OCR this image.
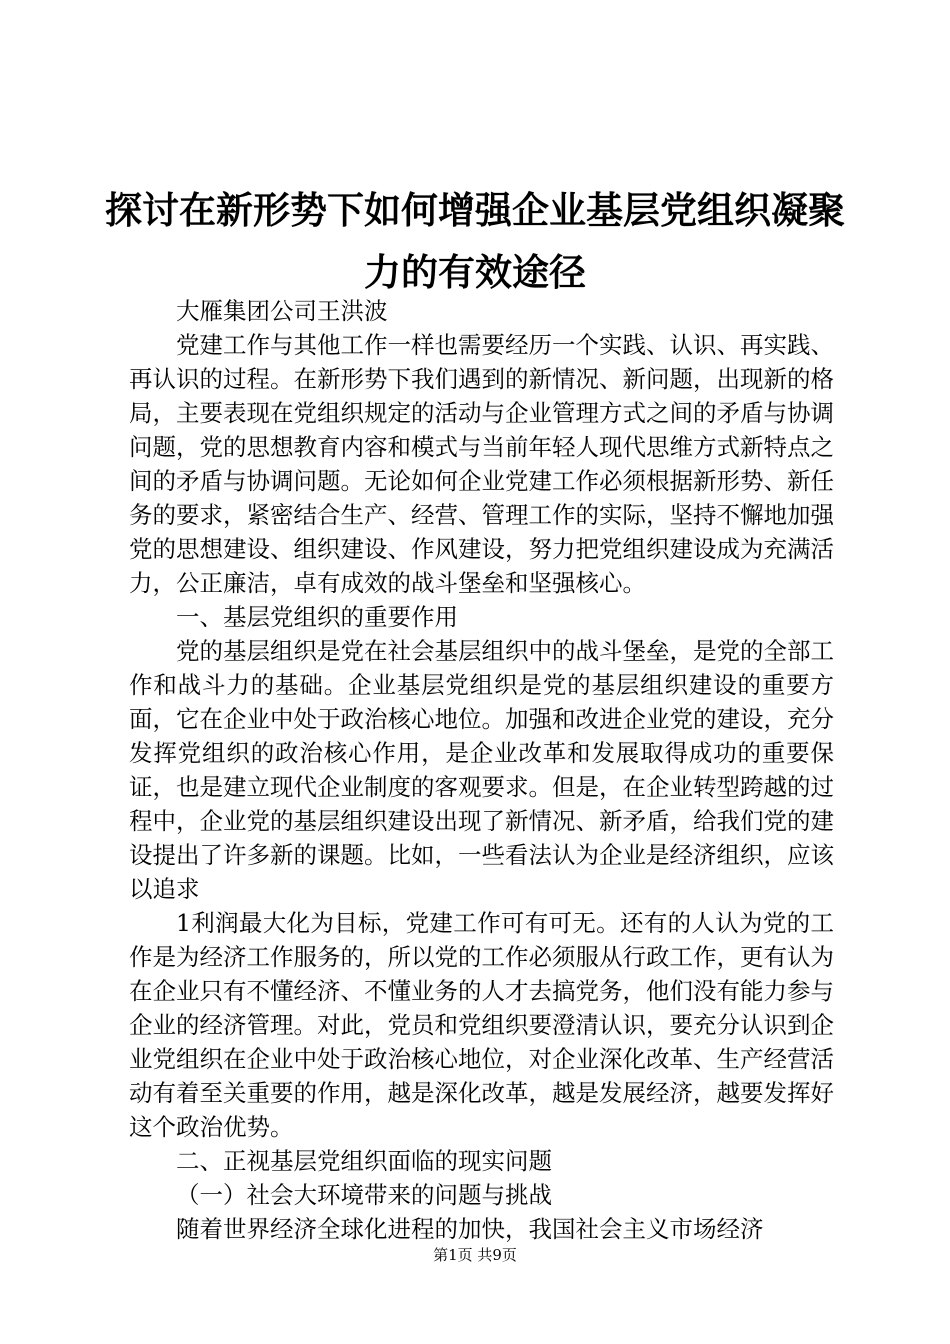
探讨在新形势下如何增强企业基层党组织凝聚
力的有效途径

大雁集团公司王洪波

党建工作与其他工作一样也需要经历一个实践、认识、再实践、再认识的过程。在新形势下我们遇到的新情况、新问题，出现新的格局，主要表现在党组织规定的活动与企业管理方式之间的矛盾与协调问题，党的思想教育内容和模式与当前年轻人现代思维方式新特点之间的矛盾与协调问题。无论如何企业党建工作必须根据新形势、新任务的要求，紧密结合生产、经营、管理工作的实际，坚持不懈地加强党的思想建设、组织建设、作风建设，努力把党组织建设成为充满活力，公正廉洁，卓有成效的战斗堡垒和坚强核心。

一、基层党组织的重要作用

党的基层组织是党在社会基层组织中的战斗堡垒，是党的全部工作和战斗力的基础。企业基层党组织是党的基层组织建设的重要方面，它在企业中处于政治核心地位。加强和改进企业党的建设，充分发挥党组织的政治核心作用，是企业改革和发展取得成功的重要保证，也是建立现代企业制度的客观要求。但是，在企业转型跨越的过程中，企业党的基层组织建设出现了新情况、新矛盾，给我们党的建设提出了许多新的课题。比如，一些看法认为企业是经济组织，应该以追求

1利润最大化为目标，党建工作可有可无。还有的人认为党的工作是为经济工作服务的，所以党的工作必须服从行政工作，更有认为在企业只有不懂经济、不懂业务的人才去搞党务，他们没有能力参与企业的经济管理。对此，党员和党组织要澄清认识，要充分认识到企业党组织在企业中处于政治核心地位，对企业深化改革、生产经营活动有着至关重要的作用，越是深化改革，越是发展经济，越要发挥好这个政治优势。

二、正视基层党组织面临的现实问题

（一）社会大环境带来的问题与挑战

随着世界经济全球化进程的加快，我国社会主义市场经济

第1页 共9页
